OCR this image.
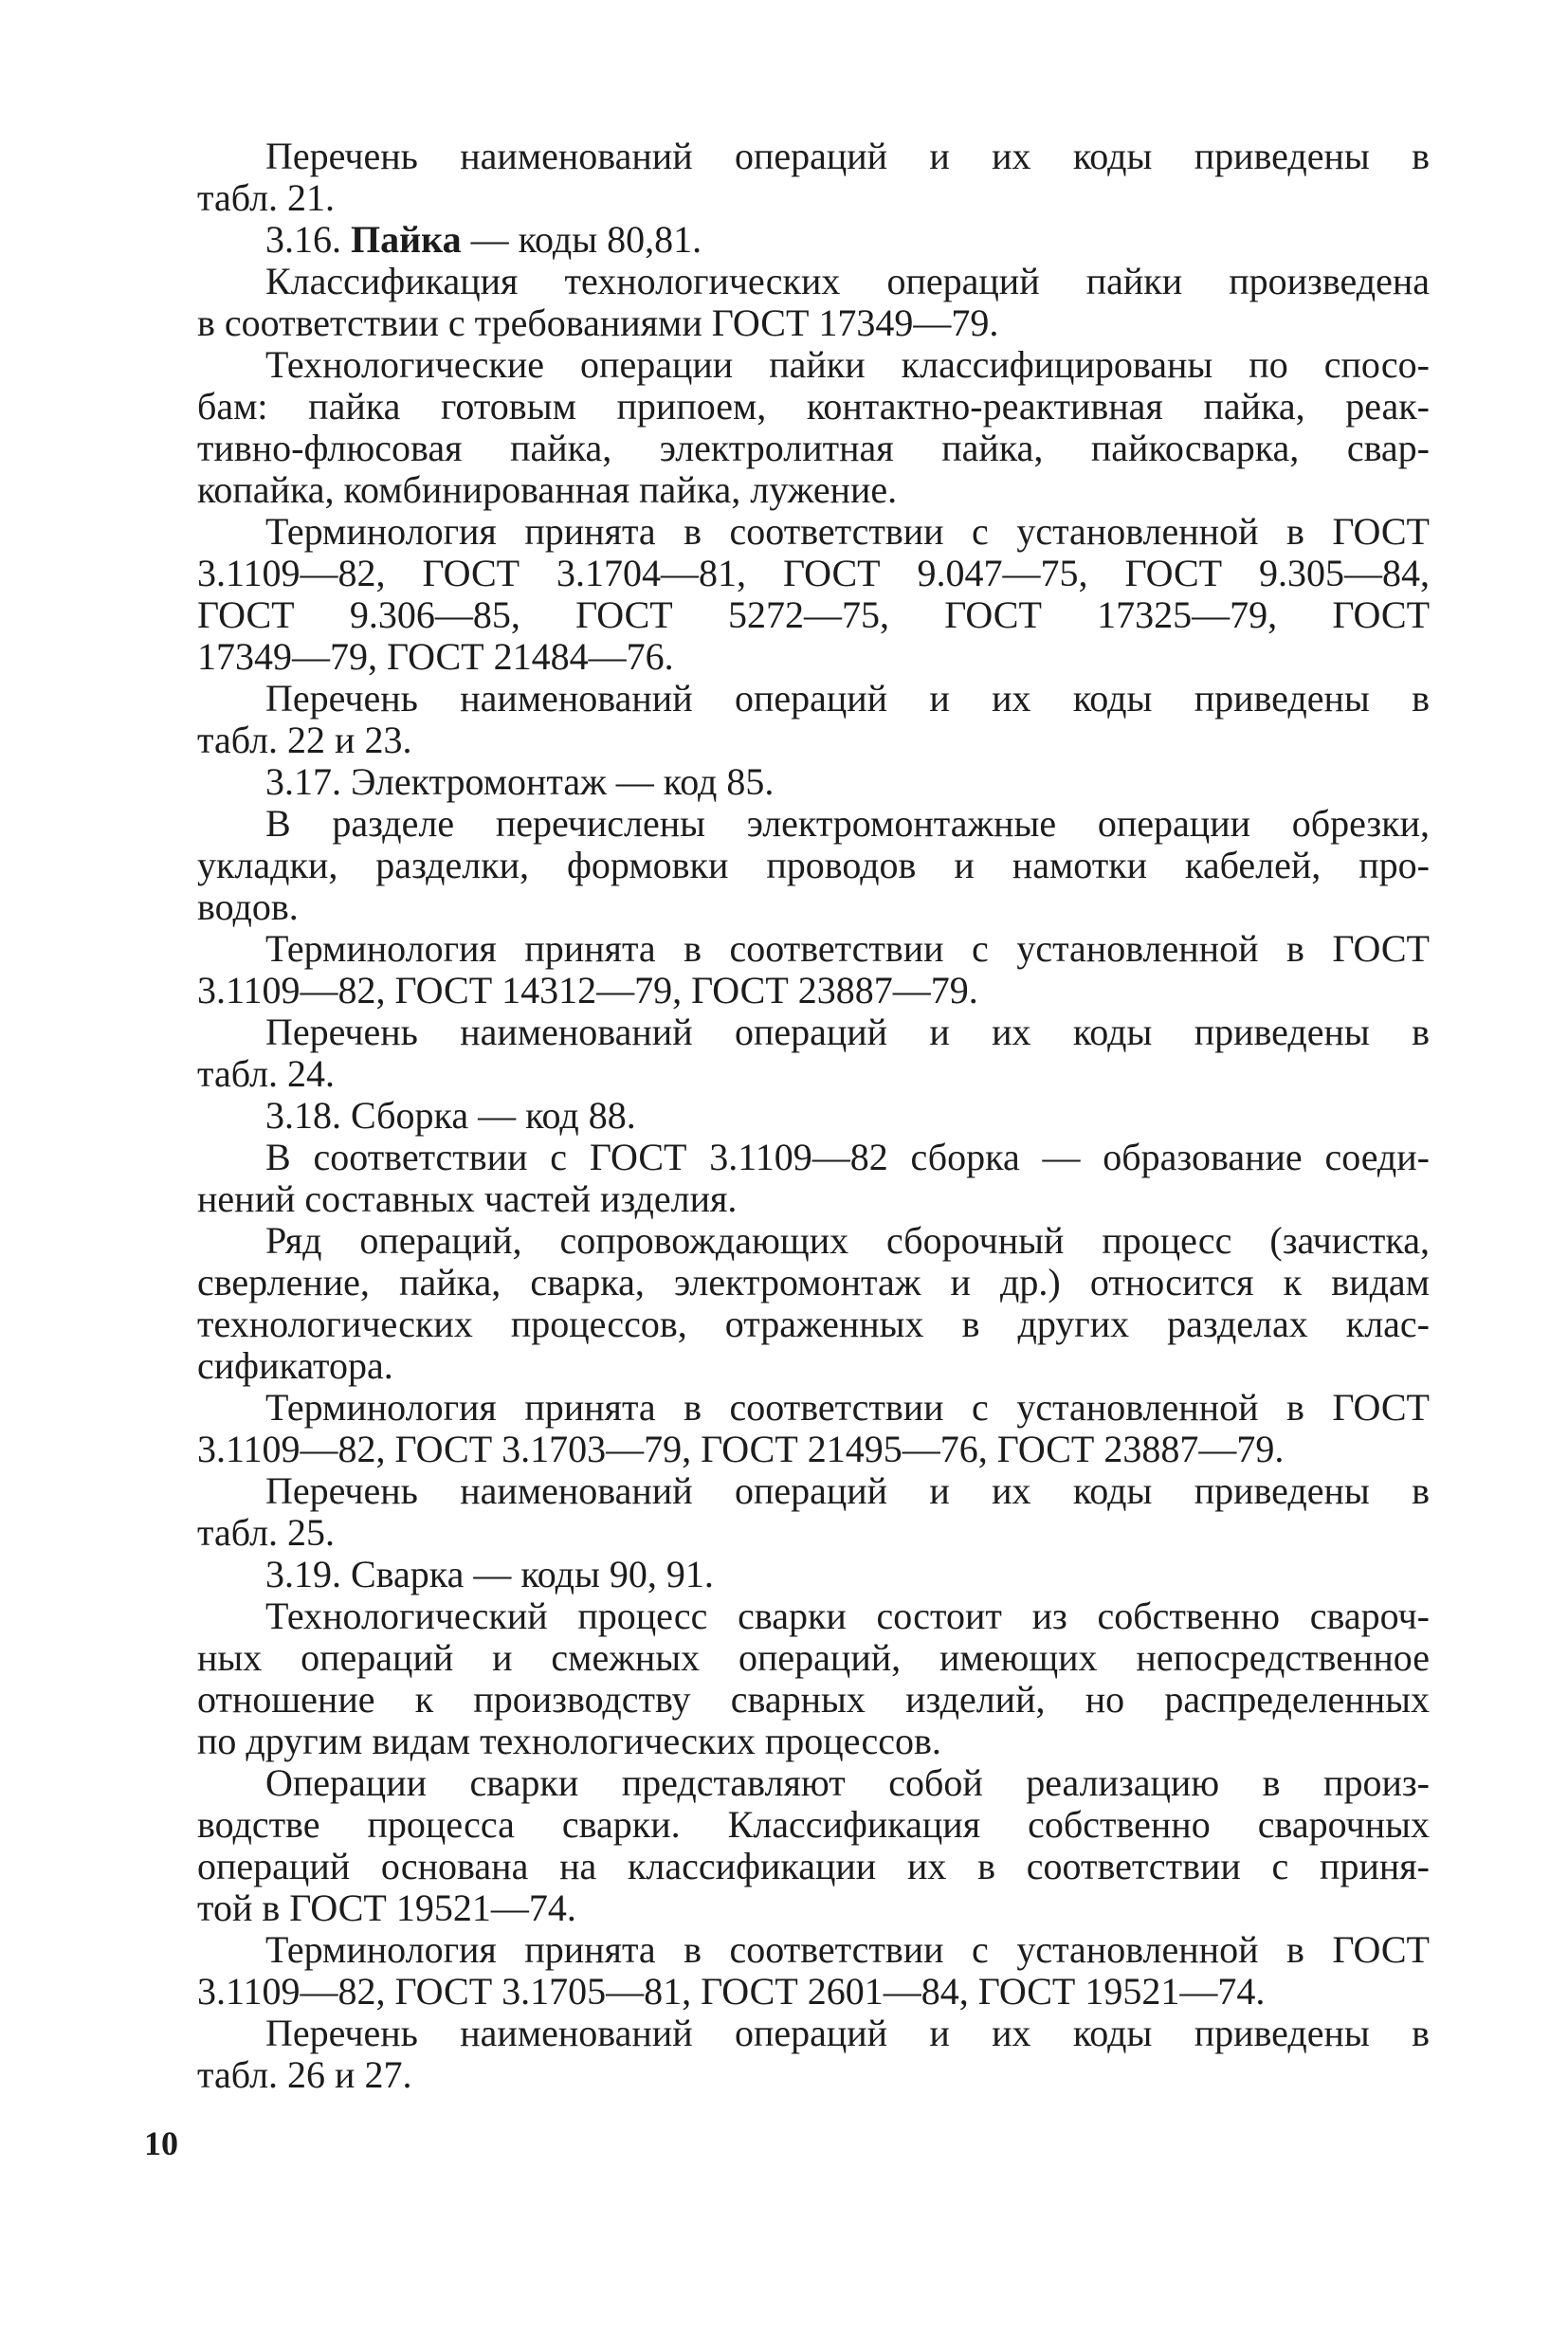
Перечень наименований операций и их коды приведены в
табл. 21.
3.16. Пайка — коды 80,81.
Классификация технологических операций пайки произведена
в соответствии с требованиями ГОСТ 17349—79.
Технологические операции пайки классифицированы по спосо-
бам: пайка готовым припоем, контактно-реактивная пайка, реак-
тивно-флюсовая пайка, электролитная пайка, пайкосварка, свар-
копайка, комбинированная пайка, лужение.
Терминология принята в соответствии с установленной в ГОСТ
3.1109—82, ГОСТ 3.1704—81, ГОСТ 9.047—75, ГОСТ 9.305—84,
ГОСТ 9.306—85, ГОСТ 5272—75, ГОСТ 17325—79, ГОСТ
17349—79, ГОСТ 21484—76.
Перечень наименований операций и их коды приведены в
табл. 22 и 23.
3.17. Электромонтаж — код 85.
В разделе перечислены электромонтажные операции обрезки,
укладки, разделки, формовки проводов и намотки кабелей, про-
водов.
Терминология принята в соответствии с установленной в ГОСТ
3.1109—82, ГОСТ 14312—79, ГОСТ 23887—79.
Перечень наименований операций и их коды приведены в
табл. 24.
3.18. Сборка — код 88.
В соответствии с ГОСТ 3.1109—82 сборка — образование соеди-
нений составных частей изделия.
Ряд операций, сопровождающих сборочный процесс (зачистка,
сверление, пайка, сварка, электромонтаж и др.) относится к видам
технологических процессов, отраженных в других разделах клас-
сификатора.
Терминология принята в соответствии с установленной в ГОСТ
3.1109—82, ГОСТ 3.1703—79, ГОСТ 21495—76, ГОСТ 23887—79.
Перечень наименований операций и их коды приведены в
табл. 25.
3.19. Сварка — коды 90, 91.
Технологический процесс сварки состоит из собственно свароч-
ных операций и смежных операций, имеющих непосредственное
отношение к производству сварных изделий, но распределенных
по другим видам технологических процессов.
Операции сварки представляют собой реализацию в произ-
водстве процесса сварки. Классификация собственно сварочных
операций основана на классификации их в соответствии с приня-
той в ГОСТ 19521—74.
Терминология принята в соответствии с установленной в ГОСТ
3.1109—82, ГОСТ 3.1705—81, ГОСТ 2601—84, ГОСТ 19521—74.
Перечень наименований операций и их коды приведены в
табл. 26 и 27.
10
